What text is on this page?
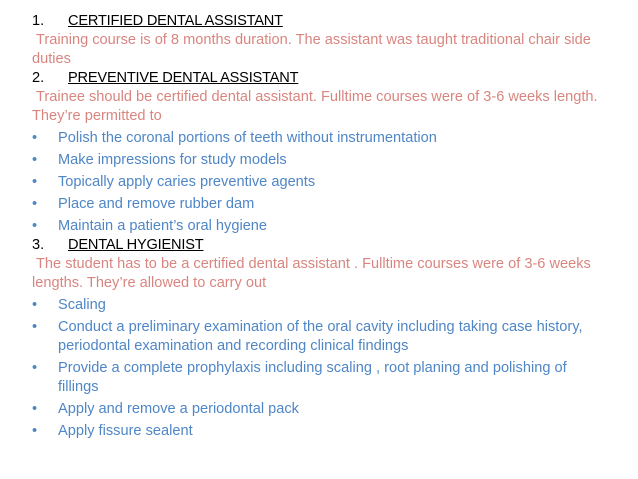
1.	CERTIFIED DENTAL ASSISTANT
Training course is of 8 months duration. The assistant was taught traditional chair side duties
2.	PREVENTIVE DENTAL ASSISTANT
Trainee should be certified dental assistant. Fulltime courses were of 3-6 weeks length. They’re permitted to
•	Polish the coronal portions of teeth without instrumentation
•	Make impressions for study models
•	Topically apply caries preventive agents
•	Place and remove rubber dam
•	Maintain a patient’s oral hygiene
3.	DENTAL HYGIENIST
The student has to be a certified dental assistant . Fulltime courses were of 3-6 weeks lengths. They’re allowed to carry out
•	Scaling
•	Conduct a preliminary examination of the oral cavity including taking case history, periodontal examination and recording clinical findings
•	Provide a complete prophylaxis including scaling , root planing and polishing of fillings
•	Apply and remove a periodontal pack
•	Apply fissure sealent
